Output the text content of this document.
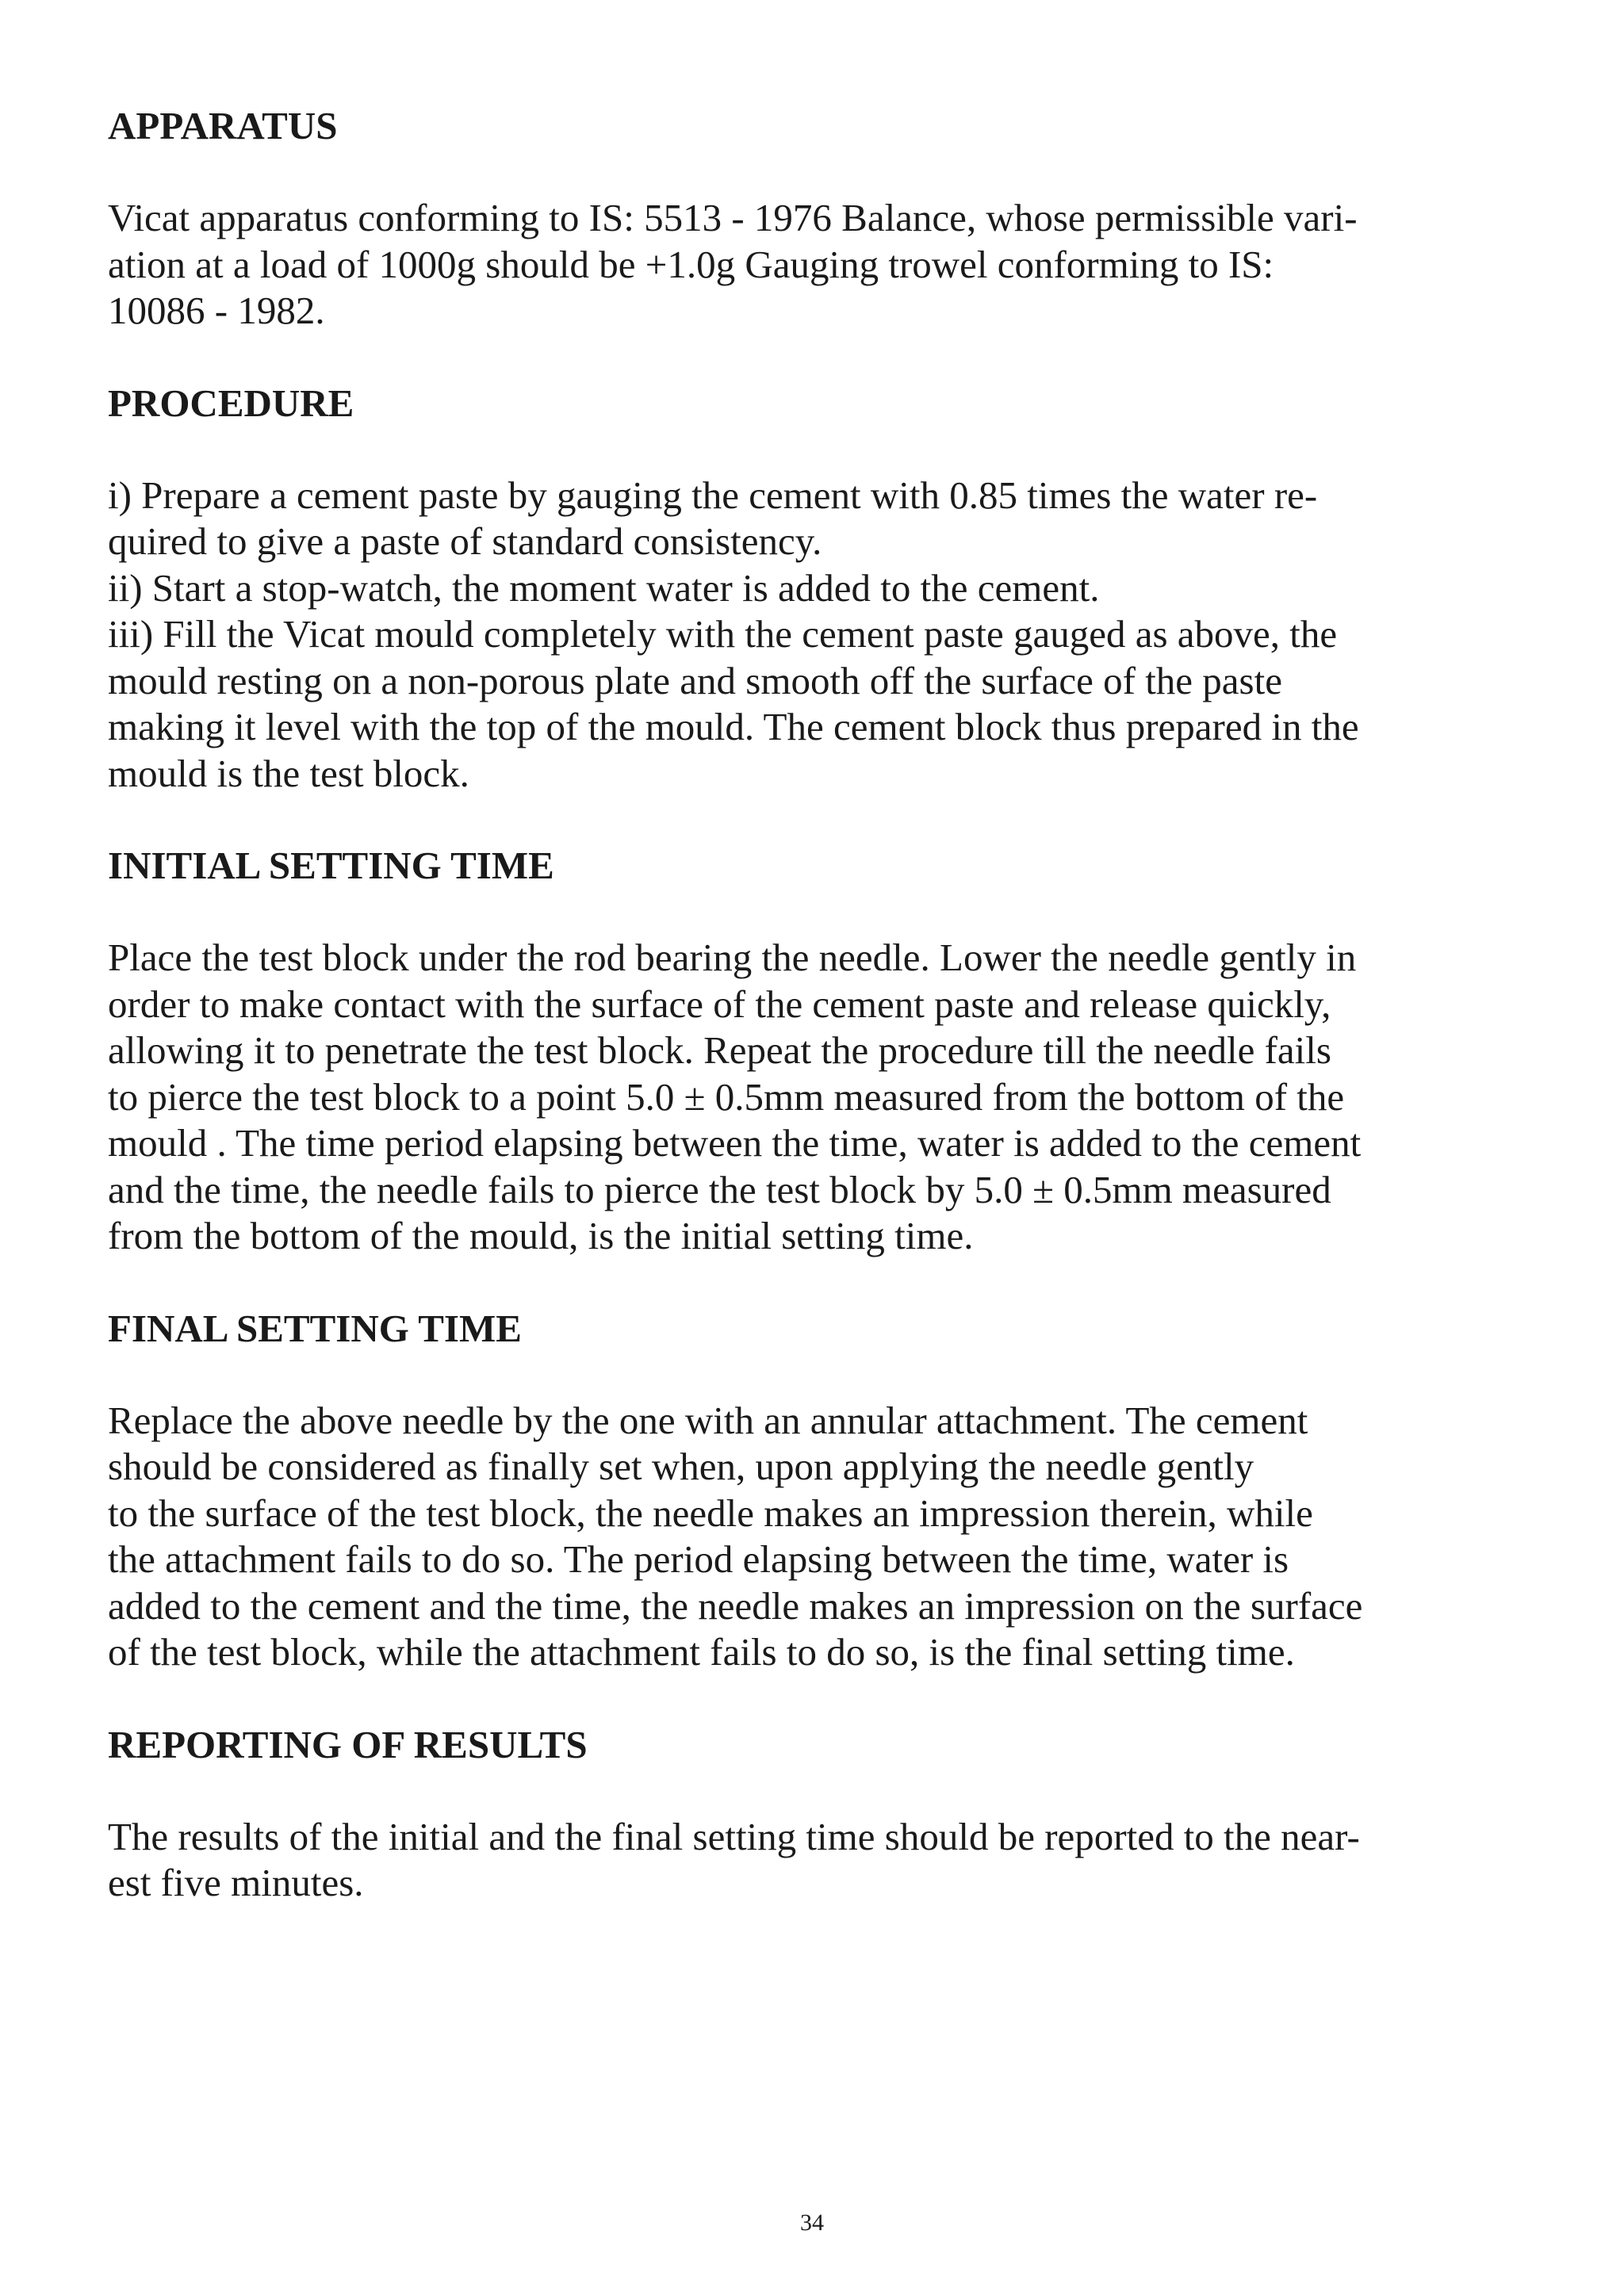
APPARATUS

Vicat apparatus conforming to IS: 5513 - 1976 Balance, whose permissible vari-
ation at a load of 1000g should be +1.0g Gauging trowel conforming to IS:
10086 - 1982.

PROCEDURE

i) Prepare a cement paste by gauging the cement with 0.85 times the water re-
quired to give a paste of standard consistency.
ii) Start a stop-watch, the moment water is added to the cement.
iii) Fill the Vicat mould completely with the cement paste gauged as above, the
mould resting on a non-porous plate and smooth off the surface of the paste
making it level with the top of the mould. The cement block thus prepared in the
mould is the test block.

INITIAL SETTING TIME

Place the test block under the rod bearing the needle. Lower the needle gently in
order to make contact with the surface of the cement paste and release quickly,
allowing it to penetrate the test block. Repeat the procedure till the needle fails
to pierce the test block to a point 5.0 ± 0.5mm measured from the bottom of the
mould . The time period elapsing between the time, water is added to the cement
and the time, the needle fails to pierce the test block by 5.0 ± 0.5mm measured
from the bottom of the mould, is the initial setting time.

FINAL SETTING TIME

Replace the above needle by the one with an annular attachment. The cement
should be considered as finally set when, upon applying the needle gently
to the surface of the test block, the needle makes an impression therein, while
the attachment fails to do so. The period elapsing between the time, water is
added to the cement and the time, the needle makes an impression on the surface
of the test block, while the attachment fails to do so, is the final setting time.

REPORTING OF RESULTS

The results of the initial and the final setting time should be reported to the near-
est five minutes.

34
